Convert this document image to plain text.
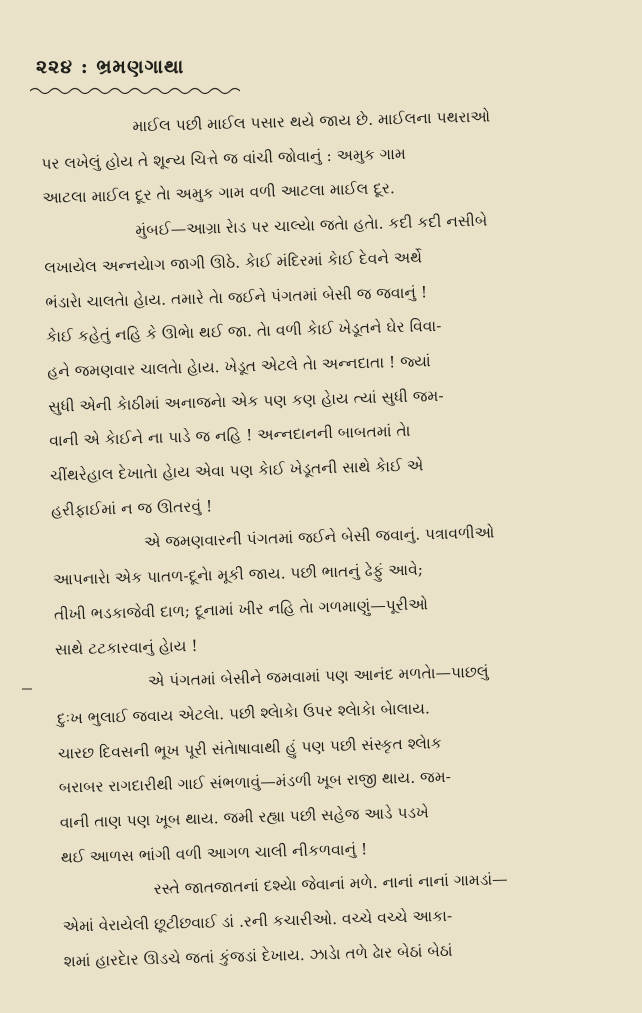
૨૨૪ : ભ્રમણગાથા

માઈલ પછી માઈલ પસાર થયે જાય છે. માઈલના પથરાઓ
પર લખેલું હોય તે શૂન્ય ચિત્તે જ વાંચી જોવાનું : અમુક ગામ
આટલા માઈલ દૂર તેા અમુક ગામ વળી આટલા માઈલ દૂર.

મુંબઈ—આગ્રા રેાડ પર ચાલ્યેા જતેા હતેા. કદી કદી નસીબે
લખાયેલ અન્નયેાગ જાગી ઊઠે. કેાઈ મંદિરમાં કેાઈ દેવને અર્થે
ભંડારેા ચાલતેા હેાય. તમારે તેા જઈને પંગતમાં બેસી જ જવાનું !
કેાઈ કહેતું નહિ કે ઊભેા થઈ જા. તેા વળી કેાઈ ખેડૂતને ઘેર વિવા-
હને જમણવાર ચાલતેા હેાય. ખેડૂત એટલે તેા અન્નદાતા ! જ્યાં
સુધી એની કેાઠીમાં અનાજનેા એક પણ કણ હેાય ત્યાં સુધી જમ-
વાની એ કેાઈને ના પાડે જ નહિ ! અન્નદાનની બાબતમાં તેા
ચીંથરેહાલ દેખાતેા હેાય એવા પણ કેાઈ ખેડૂતની સાથે કેાઈ એ
હરીફાઈમાં ન જ ઊતરવું !

એ જમણવારની પંગતમાં જઈને બેસી જવાનું. પત્રાવળીઓ
આપનારેા એક પાતળ-દૂનેા મૂકી જાય. પછી ભાતનું ઢેફું આવે;
તીખી ભડકાજેવી દાળ; દૂનામાં ખીર નહિ તેા ગળમાણું—પૂરીઓ
સાથે ટટકારવાનું હેાય !

એ પંગતમાં બેસીને જમવામાં પણ આનંદ મળતેા—પાછલું
દુઃખ ભુલાઈ જવાય એટલેા. પછી શ્લેાકેા ઉપર શ્લેાકેા બેાલાય.
ચારછ દિવસની ભૂખ પૂરી સંતેાષાવાથી હું પણ પછી સંસ્કૃત શ્લેાક
બરાબર રાગદારીથી ગાઈ સંભળાવું—મંડળી ખૂબ રાજી થાય. જમ-
વાની તાણ પણ ખૂબ થાય. જમી રહ્યા પછી સહેજ આડે પડખે
થઈ આળસ ભાંગી વળી આગળ ચાલી નીકળવાનું !

રસ્તે જાતજાતનાં દશ્યેા જેવાનાં મળે. નાનાં નાનાં ગામડાં—
એમાં વેરાયેલી છૂટીછવાઈ ડાં .રની કચારીઓ. વચ્ચે વચ્ચે આકા-
શમાં હારદેાર ઊડચે જતાં કુંજડાં દેખાય. ઝાડેા તળે ઢેાર બેઠાં બેઠાં
